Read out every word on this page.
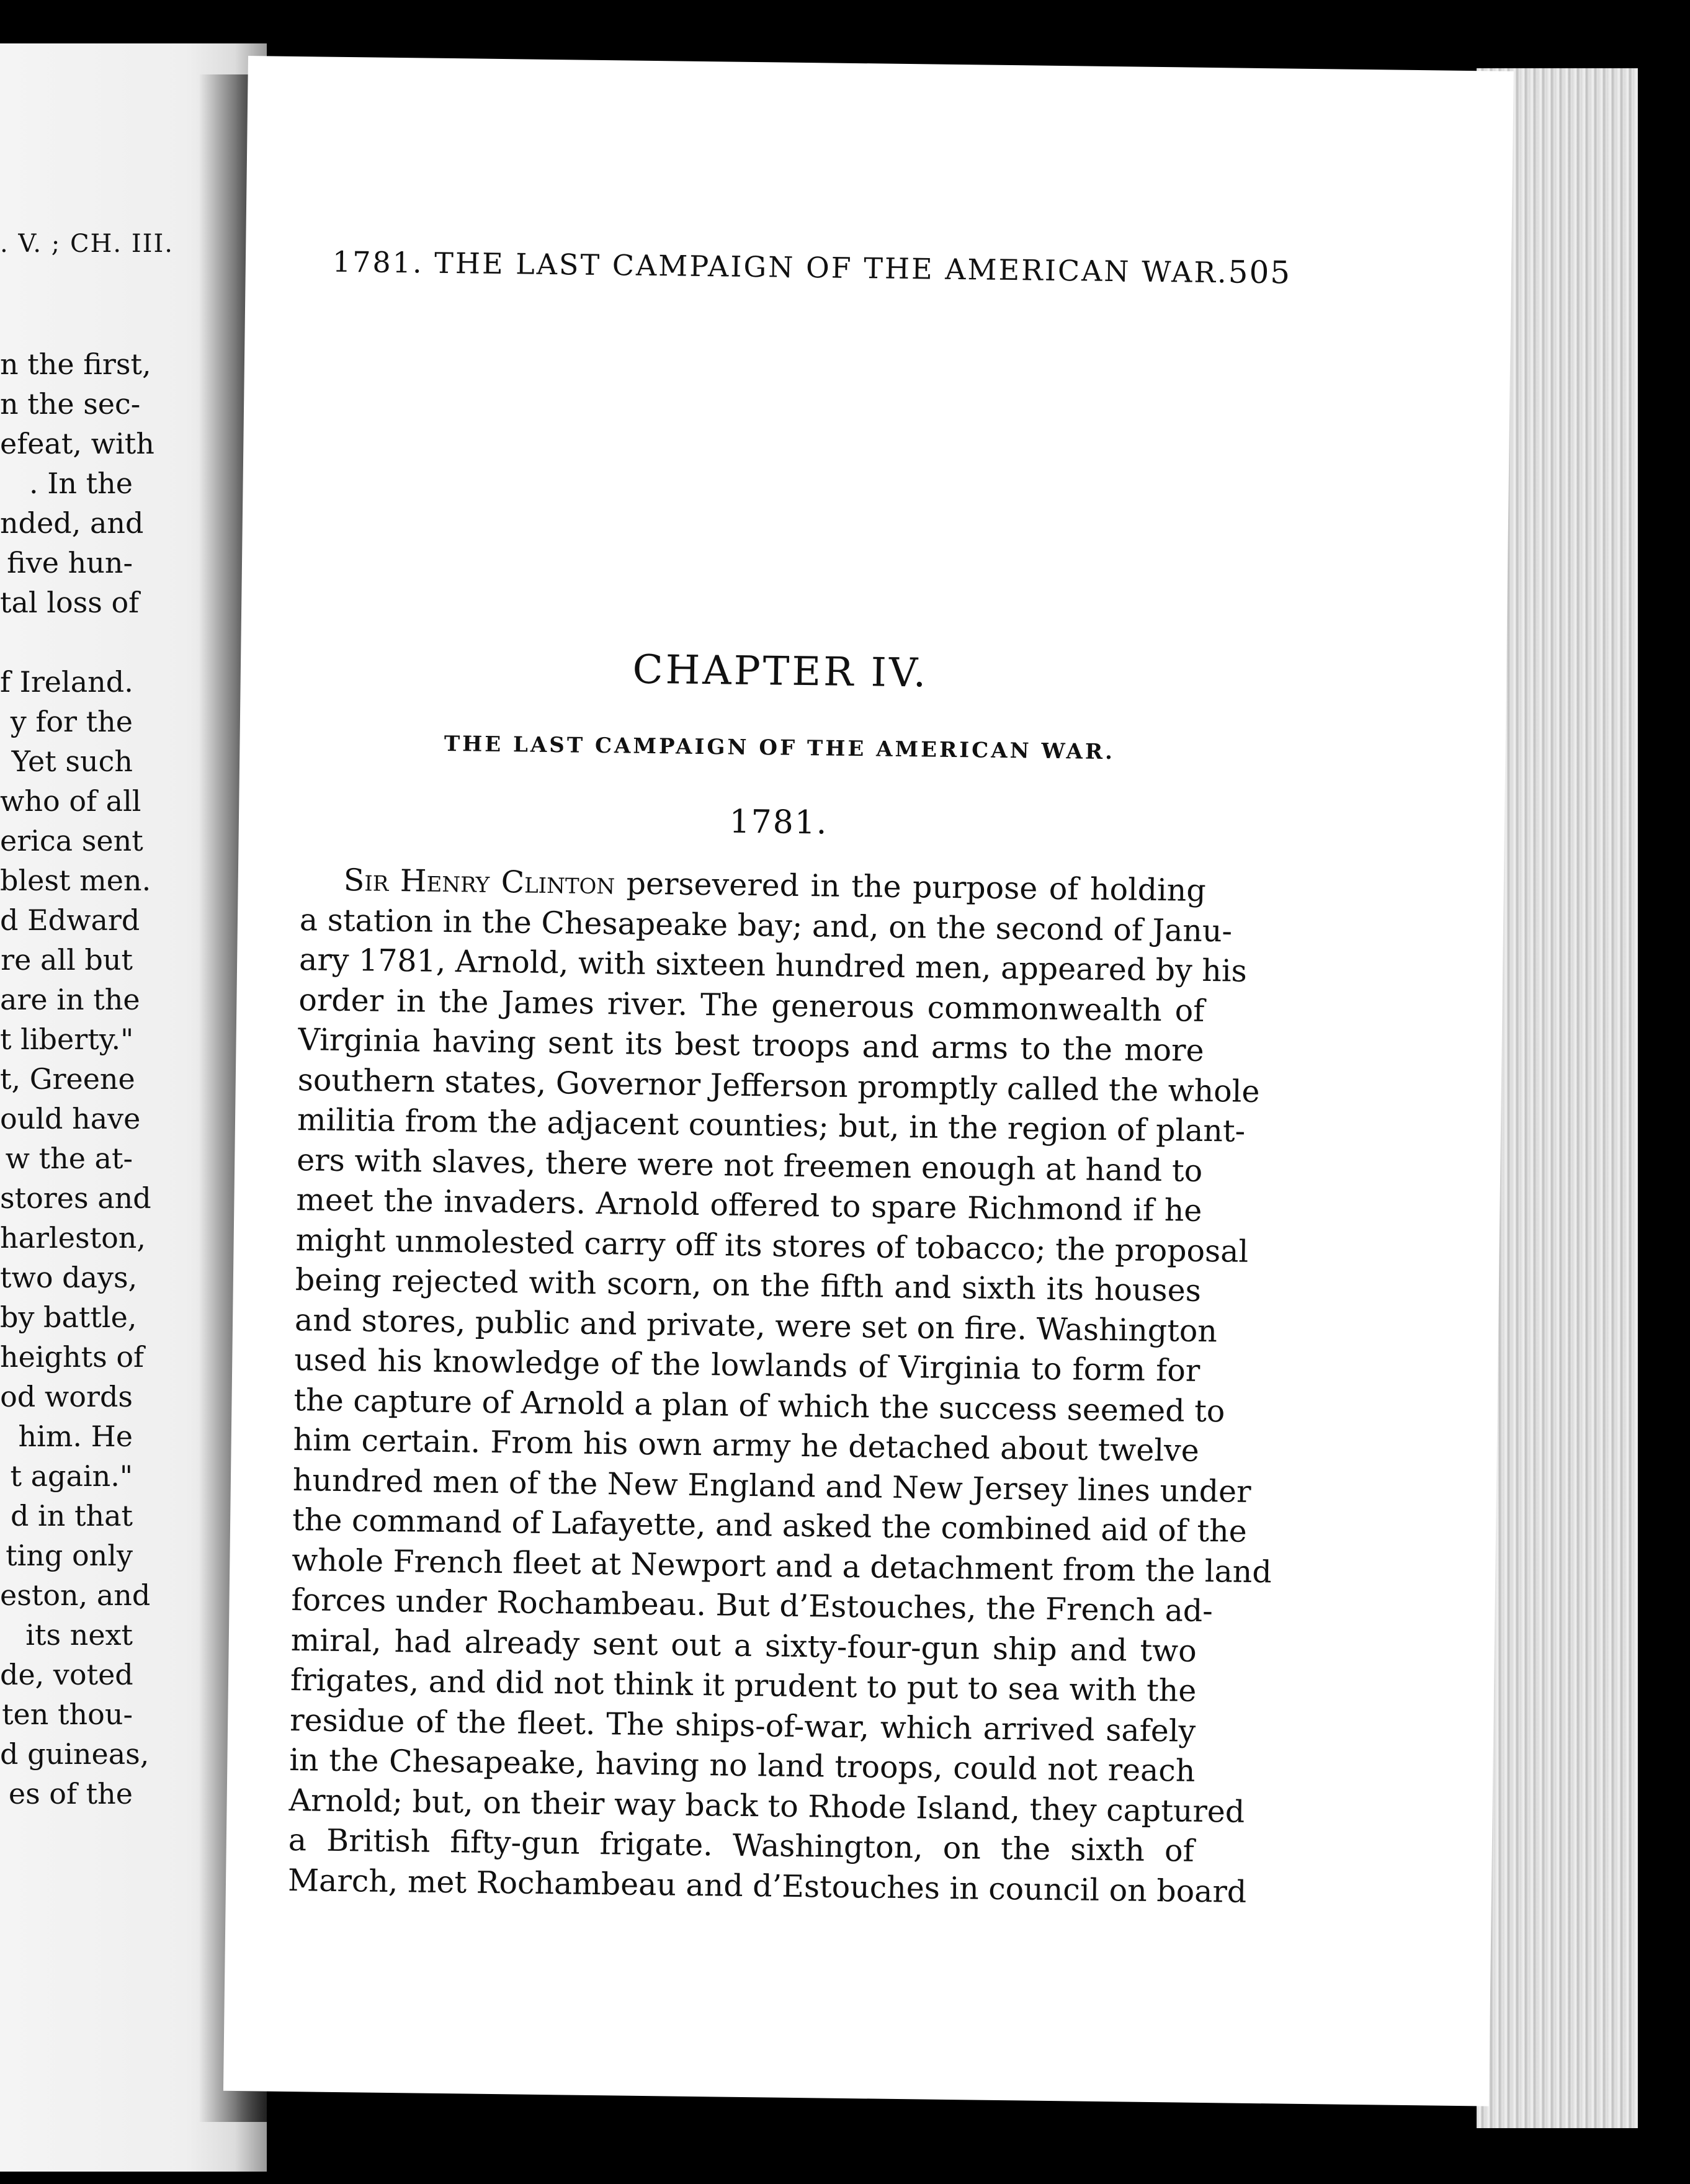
. V. ; CH. III.
n the first,
n the sec-
efeat, with
. In the
nded, and
five hun-
tal loss of
f Ireland.
y for the
Yet such
who of all
erica sent
blest men.
d Edward
re all but
are in the
t liberty."
t, Greene
ould have
w the at-
stores and
harleston,
two days,
by battle,
heights of
od words
him. He
t again."
d in that
ting only
eston, and
its next
de, voted
ten thou-
d guineas,
es of the
1781. THE LAST CAMPAIGN OF THE AMERICAN WAR. 505
CHAPTER IV.
THE LAST CAMPAIGN OF THE AMERICAN WAR.
1781.
Sir Henry Clinton persevered in the purpose of holding
a station in the Chesapeake bay; and, on the second of Janu-
ary 1781, Arnold, with sixteen hundred men, appeared by his
order in the James river. The generous commonwealth of
Virginia having sent its best troops and arms to the more
southern states, Governor Jefferson promptly called the whole
militia from the adjacent counties; but, in the region of plant-
ers with slaves, there were not freemen enough at hand to
meet the invaders. Arnold offered to spare Richmond if he
might unmolested carry off its stores of tobacco; the proposal
being rejected with scorn, on the fifth and sixth its houses
and stores, public and private, were set on fire. Washington
used his knowledge of the lowlands of Virginia to form for
the capture of Arnold a plan of which the success seemed to
him certain. From his own army he detached about twelve
hundred men of the New England and New Jersey lines under
the command of Lafayette, and asked the combined aid of the
whole French fleet at Newport and a detachment from the land
forces under Rochambeau. But d’Estouches, the French ad-
miral, had already sent out a sixty-four-gun ship and two
frigates, and did not think it prudent to put to sea with the
residue of the fleet. The ships-of-war, which arrived safely
in the Chesapeake, having no land troops, could not reach
Arnold; but, on their way back to Rhode Island, they captured
a British fifty-gun frigate. Washington, on the sixth of
March, met Rochambeau and d’Estouches in council on board
